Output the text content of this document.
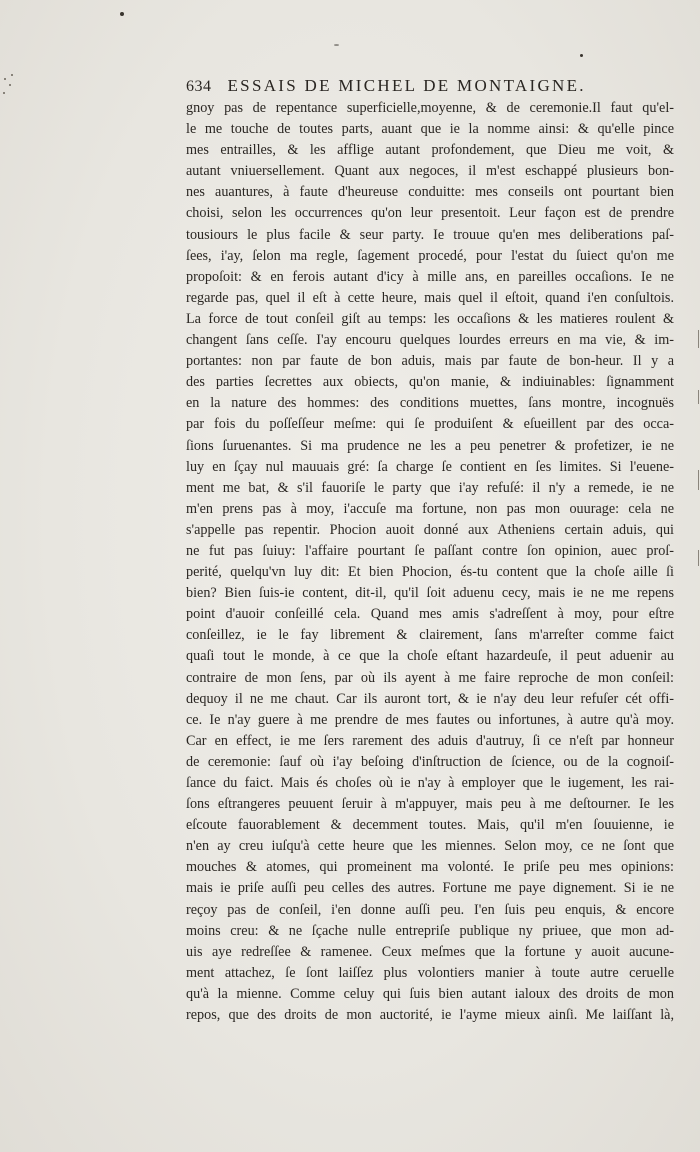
634 ESSAIS DE MICHEL DE MONTAIGNE.
gnoy pas de repentance superficielle,moyenne, & de ceremonie.Il faut qu'el-
le me touche de toutes parts, auant que ie la nomme ainsi: & qu'elle pince
mes entrailles, & les afflige autant profondement, que Dieu me voit, &
autant vniuersellement. Quant aux negoces, il m'est eschappé plusieurs bon-
nes auantures, à faute d'heureuse conduitte: mes conseils ont pourtant bien
choisi, selon les occurrences qu'on leur presentoit. Leur façon est de prendre
tousiours le plus facile & seur party. Ie trouue qu'en mes deliberations paſ-
ſees, i'ay, ſelon ma regle, ſagement procedé, pour l'estat du ſuiect qu'on me
propoſoit: & en ferois autant d'icy à mille ans, en pareilles occaſions. Ie ne
regarde pas, quel il eſt à cette heure, mais quel il eſtoit, quand i'en conſultois.
La force de tout conſeil giſt au temps: les occaſions & les matieres roulent &
changent ſans ceſſe. I'ay encouru quelques lourdes erreurs en ma vie, & im-
portantes: non par faute de bon aduis, mais par faute de bon-heur. Il y a
des parties ſecrettes aux obiects, qu'on manie, & indiuinables: ſignamment
en la nature des hommes: des conditions muettes, ſans montre, incognuës
par fois du poſſeſſeur meſme: qui ſe produiſent & eſueillent par des occa-
ſions ſuruenantes. Si ma prudence ne les a peu penetrer & profetizer, ie ne
luy en ſçay nul mauuais gré: ſa charge ſe contient en ſes limites. Si l'euene-
ment me bat, & s'il fauoriſe le party que i'ay refuſé: il n'y a remede, ie ne
m'en prens pas à moy, i'accuſe ma fortune, non pas mon ouurage: cela ne
s'appelle pas repentir. Phocion auoit donné aux Atheniens certain aduis, qui
ne fut pas ſuiuy: l'affaire pourtant ſe paſſant contre ſon opinion, auec proſ-
perité, quelqu'vn luy dit: Et bien Phocion, és-tu content que la choſe aille ſi
bien? Bien ſuis-ie content, dit-il, qu'il ſoit aduenu cecy, mais ie ne me repens
point d'auoir conſeillé cela. Quand mes amis s'adreſſent à moy, pour eſtre
conſeillez, ie le fay librement & clairement, ſans m'arreſter comme faict
quaſi tout le monde, à ce que la choſe eſtant hazardeuſe, il peut aduenir au
contraire de mon ſens, par où ils ayent à me faire reproche de mon conſeil:
dequoy il ne me chaut. Car ils auront tort, & ie n'ay deu leur refuſer cét offi-
ce. Ie n'ay guere à me prendre de mes fautes ou infortunes, à autre qu'à moy.
Car en effect, ie me ſers rarement des aduis d'autruy, ſi ce n'eſt par honneur
de ceremonie: ſauf où i'ay beſoing d'inſtruction de ſcience, ou de la cognoiſ-
ſance du faict. Mais és choſes où ie n'ay à employer que le iugement, les rai-
ſons eſtrangeres peuuent ſeruir à m'appuyer, mais peu à me deſtourner. Ie les
eſcoute fauorablement & decemment toutes. Mais, qu'il m'en ſouuienne, ie
n'en ay creu iuſqu'à cette heure que les miennes. Selon moy, ce ne ſont que
mouches & atomes, qui promeinent ma volonté. Ie priſe peu mes opinions:
mais ie priſe auſſi peu celles des autres. Fortune me paye dignement. Si ie ne
reçoy pas de conſeil, i'en donne auſſi peu. I'en ſuis peu enquis, & encore
moins creu: & ne ſçache nulle entrepriſe publique ny priuee, que mon ad-
uis aye redreſſee & ramenee. Ceux meſmes que la fortune y auoit aucune-
ment attachez, ſe ſont laiſſez plus volontiers manier à toute autre ceruelle
qu'à la mienne. Comme celuy qui ſuis bien autant ialoux des droits de mon
repos, que des droits de mon auctorité, ie l'ayme mieux ainſi. Me laiſſant là,
